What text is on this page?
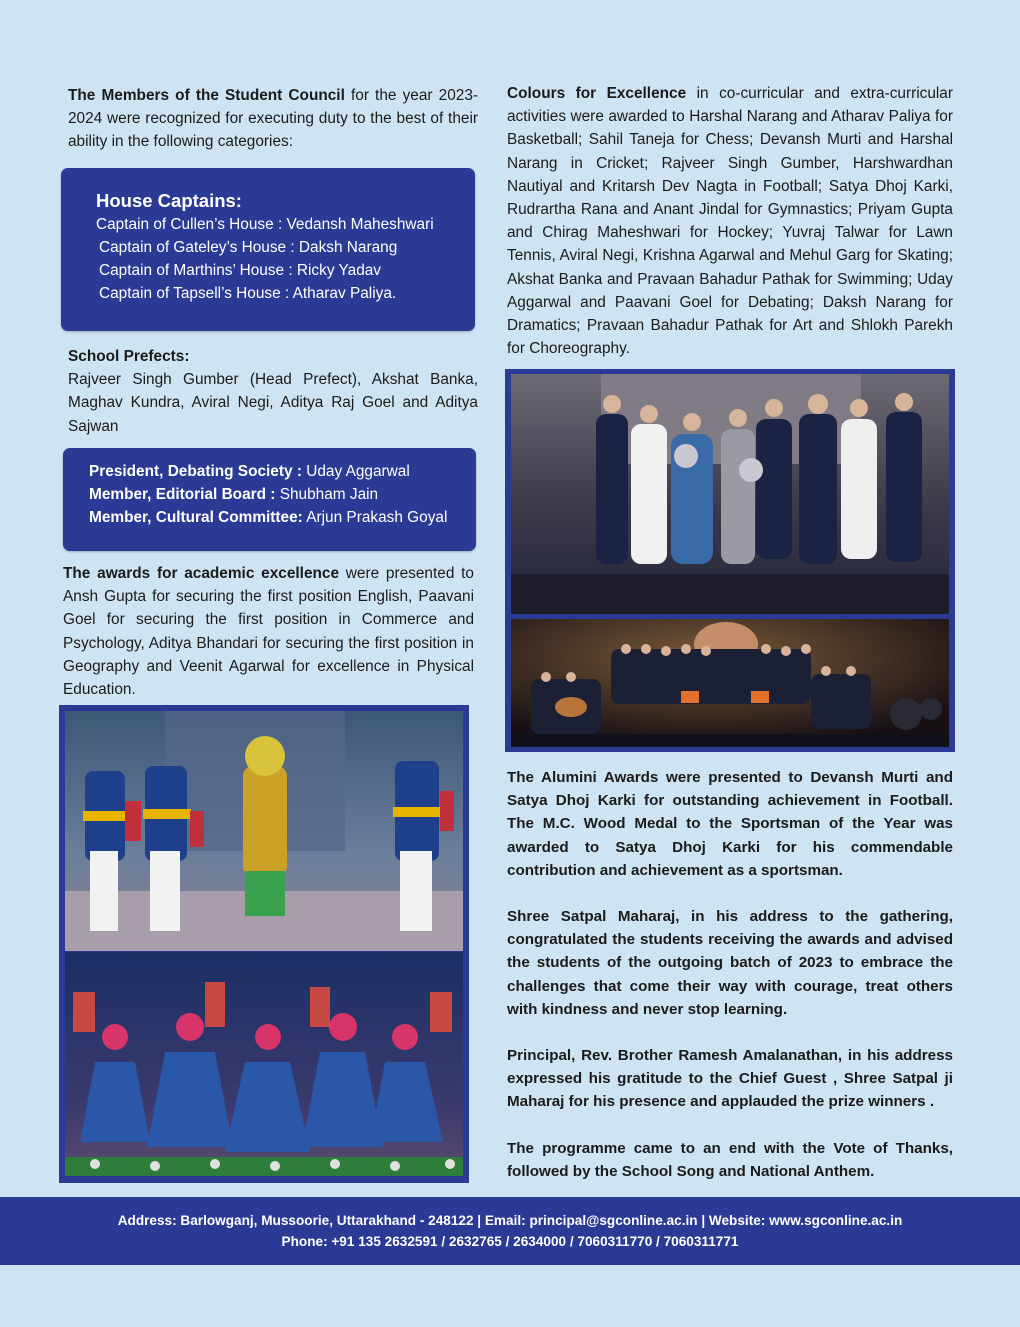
The Members of the Student Council for the year 2023-2024 were recognized for executing duty to the best of their ability in the following categories:
House Captains:
Captain of Cullen’s House : Vedansh Maheshwari
Captain of Gateley’s House : Daksh Narang
Captain of Marthins’ House : Ricky Yadav
Captain of Tapsell’s House : Atharav Paliya.
School Prefects:
Rajveer Singh Gumber (Head Prefect), Akshat Banka, Maghav Kundra, Aviral Negi, Aditya Raj Goel and Aditya Sajwan
President, Debating Society : Uday Aggarwal
Member, Editorial Board : Shubham Jain
Member, Cultural Committee: Arjun Prakash Goyal
The awards for academic excellence were presented to Ansh Gupta for securing the first position English, Paavani Goel for securing the first position in Commerce and Psychology, Aditya Bhandari for securing the first position in Geography and Veenit Agarwal for excellence in Physical Education.
Colours for Excellence in co-curricular and extra-curricular activities were awarded to Harshal Narang and Atharav Paliya for Basketball; Sahil Taneja for Chess; Devansh Murti and Harshal Narang in Cricket; Rajveer Singh Gumber, Harshwardhan Nautiyal and Kritarsh Dev Nagta in Football; Satya Dhoj Karki, Rudrartha Rana and Anant Jindal for Gymnastics; Priyam Gupta and Chirag Maheshwari for Hockey; Yuvraj Talwar for Lawn Tennis, Aviral Negi, Krishna Agarwal and Mehul Garg for Skating; Akshat Banka and Pravaan Bahadur Pathak for Swimming; Uday Aggarwal and Paavani Goel for Debating; Daksh Narang for Dramatics; Pravaan Bahadur Pathak for Art and Shlokh Parekh for Choreography.

The Alumini Awards were presented to Devansh Murti and Satya Dhoj Karki for outstanding achievement in Football. The M.C. Wood Medal to the Sportsman of the Year was awarded to Satya Dhoj Karki for his commendable contribution and achievement as a sportsman.

Shree Satpal Maharaj, in his address to the gathering, congratulated the students receiving the awards and advised the students of the outgoing batch of 2023 to embrace the challenges that come their way with courage, treat others with kindness and never stop learning.

Principal, Rev. Brother Ramesh Amalanathan, in his address expressed his gratitude to the Chief Guest , Shree Satpal ji Maharaj for his presence and applauded the prize winners .

The programme came to an end with the Vote of Thanks, followed by the School Song and National Anthem.

Address: Barlowganj, Mussoorie, Uttarakhand - 248122 | Email: principal@sgconline.ac.in | Website: www.sgconline.ac.in
Phone: +91 135 2632591 / 2632765 / 2634000 / 7060311770 / 7060311771
